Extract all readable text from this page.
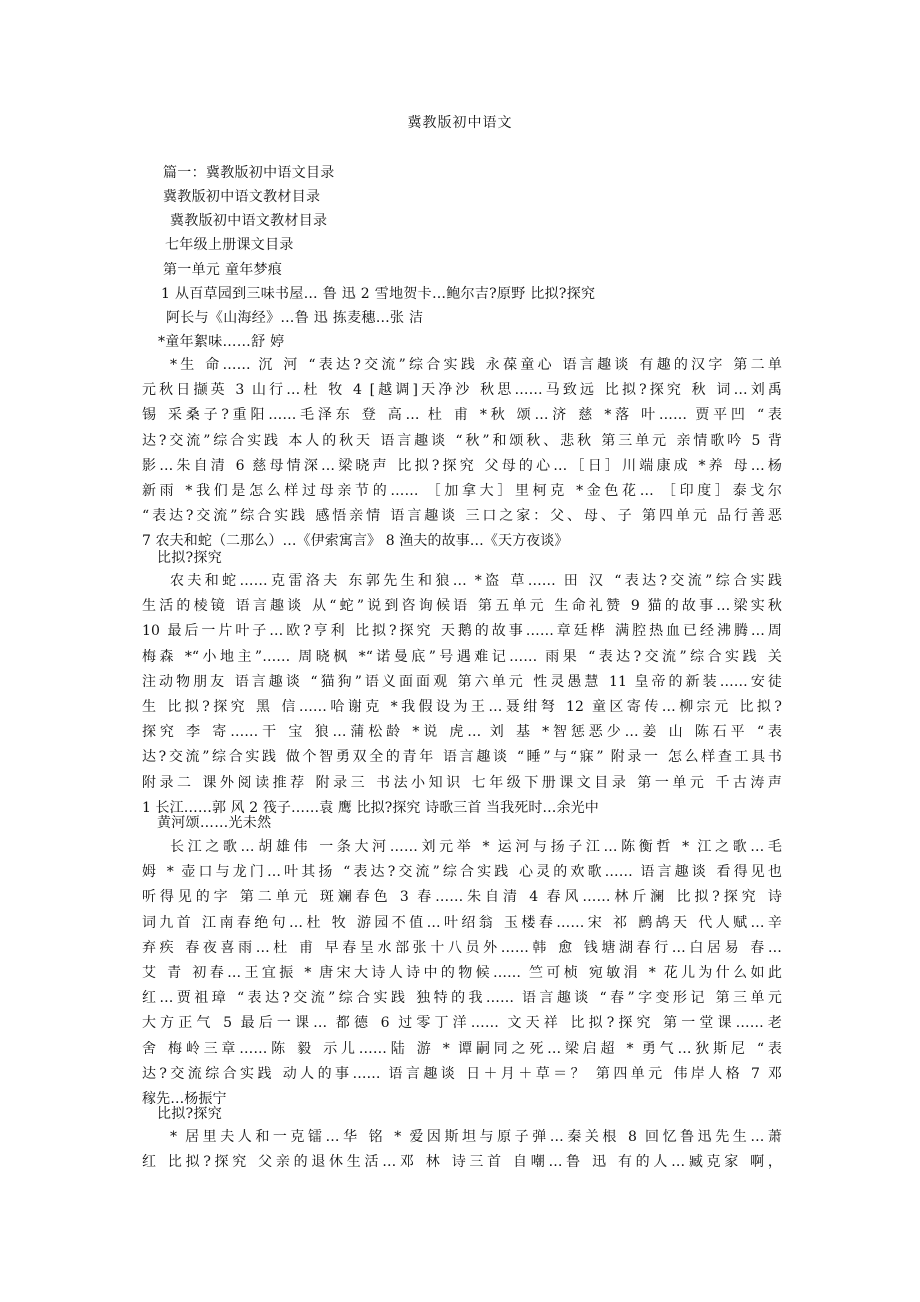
冀教版初中语文
篇一：冀教版初中语文目录
冀教版初中语文教材目录
冀教版初中语文教材目录
七年级上册课文目录
第一单元 童年梦痕
1 从百草园到三味书屋… 鲁 迅 2 雪地贺卡…鲍尔吉?原野 比拟?探究
阿长与《山海经》…鲁 迅 拣麦穗…张 洁
*童年絮味……舒 婷
*生 命…… 沉 河 “表达?交流”综合实践 永葆童心 语言趣谈 有趣的汉字 第二单
元秋日撷英 3 山行…杜 牧 4 [越调]天净沙 秋思……马致远 比拟?探究 秋 词…刘禹
锡 采桑子?重阳……毛泽东 登 高… 杜 甫 *秋 颂…济 慈 *落 叶…… 贾平凹 “表
达?交流”综合实践 本人的秋天 语言趣谈 “秋”和颂秋、悲秋 第三单元 亲情歌吟 5 背
影…朱自清 6 慈母情深…梁晓声 比拟?探究 父母的心…［日］川端康成 *养 母…杨
新雨 *我们是怎么样过母亲节的…… ［加拿大］里柯克 *金色花… ［印度］泰戈尔
“表达?交流”综合实践 感悟亲情 语言趣谈 三口之家：父、母、子 第四单元 品行善恶
7 农夫和蛇（二那么）…《伊索寓言》 8 渔夫的故事…《天方夜谈》
比拟?探究
农夫和蛇……克雷洛夫 东郭先生和狼… *盗 草…… 田 汉 “表达?交流”综合实践
生活的棱镜 语言趣谈 从“蛇”说到咨询候语 第五单元 生命礼赞 9 猫的故事…梁实秋
10 最后一片叶子…欧?亨利 比拟?探究 天鹅的故事……章廷桦 满腔热血已经沸腾…周
梅森 *“小地主”…… 周晓枫 *“诺曼底”号遇难记…… 雨果 “表达?交流”综合实践 关
注动物朋友 语言趣谈 “猫狗”语义面面观 第六单元 性灵愚慧 11 皇帝的新装……安徒
生 比拟?探究 黑 信……哈谢克 *我假设为王…聂绀弩 12 童区寄传…柳宗元 比拟?
探究 李 寄……干 宝 狼…蒲松龄 *说 虎… 刘 基 *智惩恶少…姜 山 陈石平 “表
达?交流”综合实践 做个智勇双全的青年 语言趣谈 “睡”与“寐” 附录一 怎么样查工具书
附录二 课外阅读推荐 附录三 书法小知识 七年级下册课文目录 第一单元 千古涛声
1 长江……郭 风 2 筏子……袁 鹰 比拟?探究 诗歌三首 当我死时…余光中
黄河颂……光未然
长江之歌…胡雄伟 一条大河……刘元举 * 运河与扬子江…陈衡哲 * 江之歌…毛
姆 * 壶口与龙门…叶其扬 “表达?交流”综合实践 心灵的欢歌…… 语言趣谈 看得见也
听得见的字 第二单元 斑斓春色 3 春……朱自清 4 春风……林斤澜 比拟?探究 诗
词九首 江南春绝句…杜 牧 游园不值…叶绍翁 玉楼春……宋 祁 鹧鸪天 代人赋…辛
弃疾 春夜喜雨…杜 甫 早春呈水部张十八员外……韩 愈 钱塘湖春行…白居易 春…
艾 青 初春…王宜振 * 唐宋大诗人诗中的物候…… 竺可桢 宛敏涓 * 花儿为什么如此
红…贾祖璋 “表达?交流”综合实践 独特的我…… 语言趣谈 “春”字变形记 第三单元
大方正气 5 最后一课… 都德 6 过零丁洋…… 文天祥 比拟?探究 第一堂课……老
舍 梅岭三章……陈 毅 示儿……陆 游 * 谭嗣同之死…梁启超 * 勇气…狄斯尼 “表
达?交流综合实践 动人的事…… 语言趣谈 日＋月＋草＝？ 第四单元 伟岸人格 7 邓
稼先…杨振宁
比拟?探究
* 居里夫人和一克镭…华 铭 * 爱因斯坦与原子弹…秦关根 8 回忆鲁迅先生…萧
红 比拟?探究 父亲的退休生活…邓 林 诗三首 自嘲…鲁 迅 有的人…臧克家 啊，
